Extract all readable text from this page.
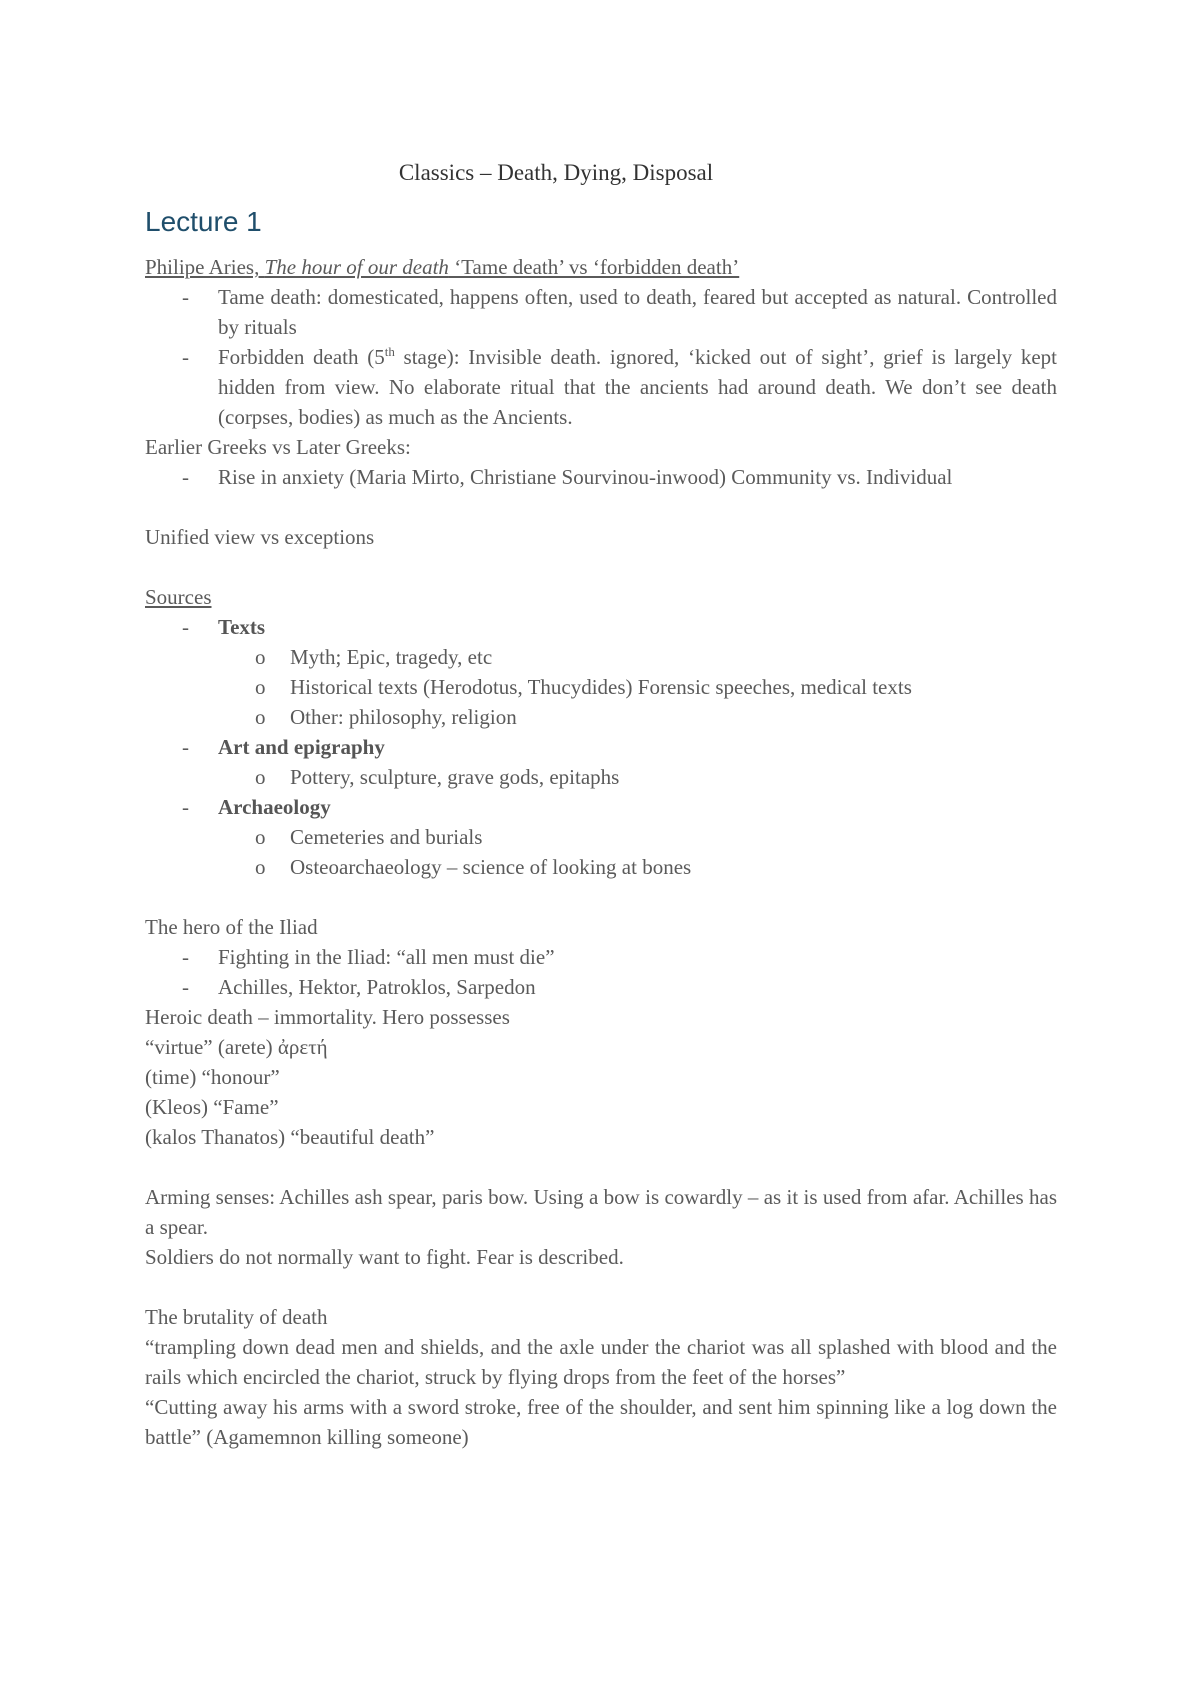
Classics – Death, Dying, Disposal

Lecture 1

Philipe Aries, The hour of our death ‘Tame death’ vs ‘forbidden death’

- Tame death: domesticated, happens often, used to death, feared but accepted as natural. Controlled by rituals
- Forbidden death (5th stage): Invisible death. ignored, ‘kicked out of sight’, grief is largely kept hidden from view. No elaborate ritual that the ancients had around death. We don’t see death (corpses, bodies) as much as the Ancients.

Earlier Greeks vs Later Greeks:

- Rise in anxiety (Maria Mirto, Christiane Sourvinou-inwood) Community vs. Individual

Unified view vs exceptions

Sources

- Texts
o Myth; Epic, tragedy, etc
o Historical texts (Herodotus, Thucydides) Forensic speeches, medical texts
o Other: philosophy, religion
- Art and epigraphy
o Pottery, sculpture, grave gods, epitaphs
- Archaeology
o Cemeteries and burials
o Osteoarchaeology – science of looking at bones

The hero of the Iliad

- Fighting in the Iliad: “all men must die”
- Achilles, Hektor, Patroklos, Sarpedon

Heroic death – immortality. Hero possesses

“virtue” (arete) ἀρετή

(time) “honour”

(Kleos) “Fame”

(kalos Thanatos) “beautiful death”

Arming senses: Achilles ash spear, paris bow. Using a bow is cowardly – as it is used from afar. Achilles has a spear.

Soldiers do not normally want to fight. Fear is described.

The brutality of death

“trampling down dead men and shields, and the axle under the chariot was all splashed with blood and the rails which encircled the chariot, struck by flying drops from the feet of the horses”

“Cutting away his arms with a sword stroke, free of the shoulder, and sent him spinning like a log down the battle” (Agamemnon killing someone)
